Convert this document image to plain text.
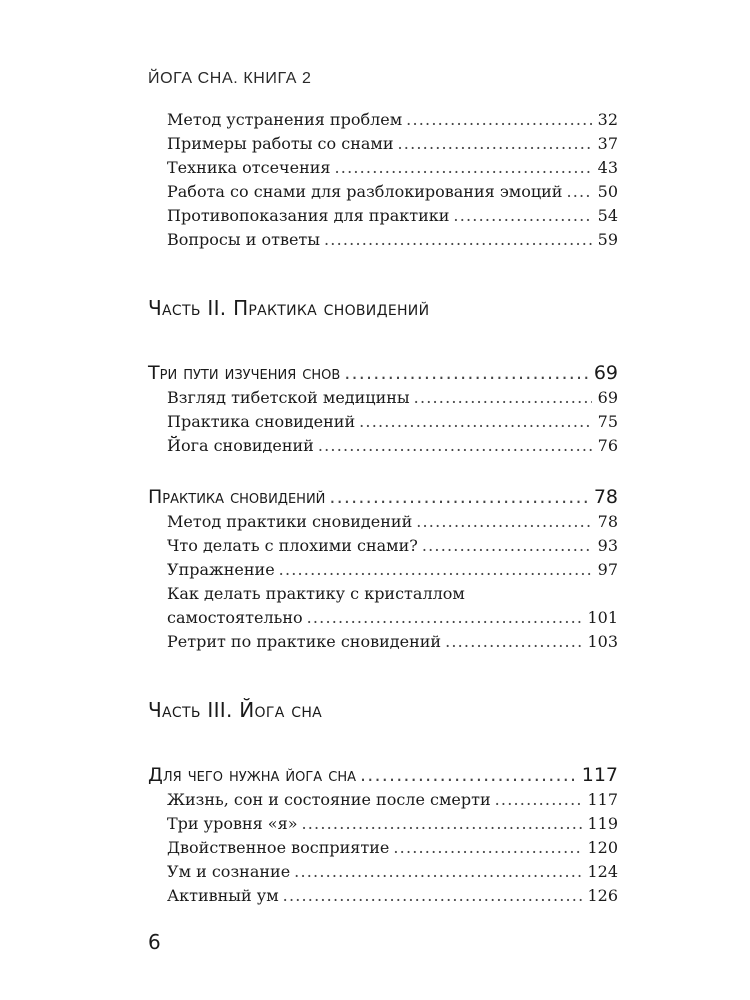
ЙОГА СНА. КНИГА 2
Метод устранения проблем .....	32
Примеры работы со снами .....	37
Техника отсечения .....	43
Работа со снами для разблокирования эмоций ..... 50
Противопоказания для практики .....	54
Вопросы и ответы .....	59
Часть II. Практика сновидений
Три пути изучения снов .....	69
Взгляд тибетской медицины .....	69
Практика сновидений .....	75
Йога сновидений .....	76
Практика сновидений .....	78
Метод практики сновидений .....	78
Что делать с плохими снами? .....	93
Упражнение .....	97
Как делать практику с кристаллом
самостоятельно .....	101
Ретрит по практике сновидений .....	103
Часть III. Йога сна
Для чего нужна йога сна .....	117
Жизнь, сон и состояние после смерти .....	117
Три уровня «я» .....	119
Двойственное восприятие .....	120
Ум и сознание .....	124
Активный ум .....	126
6
